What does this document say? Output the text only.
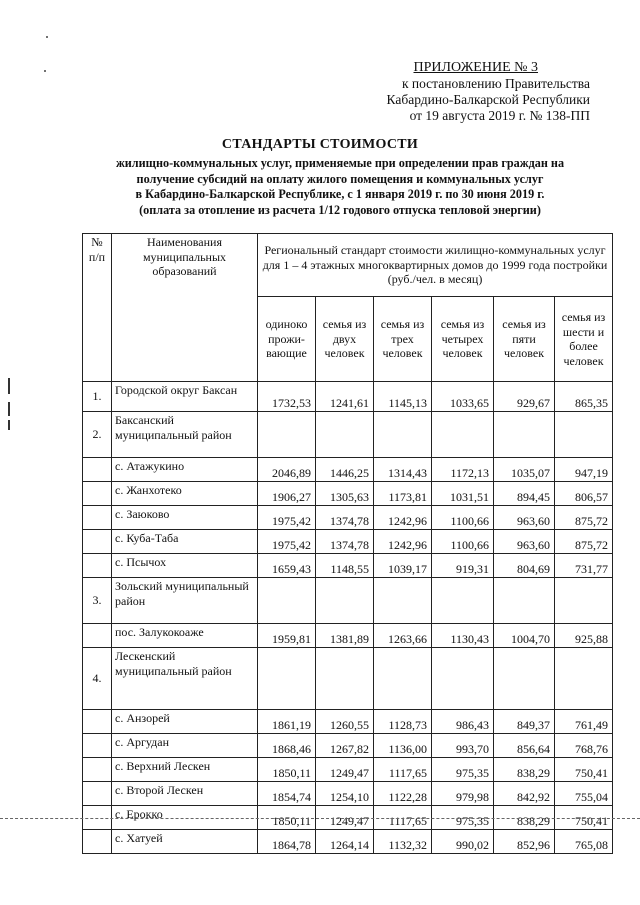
ПРИЛОЖЕНИЕ № 3
к постановлению Правительства
Кабардино-Балкарской Республики
от 19 августа 2019 г. № 138-ПП
СТАНДАРТЫ СТОИМОСТИ
жилищно-коммунальных услуг, применяемые при определении прав граждан на
получение субсидий на оплату жилого помещения и коммунальных услуг
в Кабардино-Балкарской Республике, с 1 января 2019 г. по 30 июня 2019 г.
(оплата за отопление из расчета 1/12 годового отпуска тепловой энергии)
№ п/п	Наименования муниципальных образований	Региональный стандарт стоимости жилищно-коммунальных услуг для 1 – 4 этажных многоквартирных домов до 1999 года постройки (руб./чел. в месяц)					
		одиноко прожи-вающие	семья из двух человек	семья из трех человек	семья из четырех человек	семья из пяти человек	семья из шести и более человек
1.	Городской округ Баксан	1732,53	1241,61	1145,13	1033,65	929,67	865,35
2.	Баксанский муниципальный район						
	с. Атажукино	2046,89	1446,25	1314,43	1172,13	1035,07	947,19
	с. Жанхотеко	1906,27	1305,63	1173,81	1031,51	894,45	806,57
	с. Заюково	1975,42	1374,78	1242,96	1100,66	963,60	875,72
	с. Куба-Таба	1975,42	1374,78	1242,96	1100,66	963,60	875,72
	с. Псычох	1659,43	1148,55	1039,17	919,31	804,69	731,77
3.	Зольский муниципальный район						
	пос. Залукокоаже	1959,81	1381,89	1263,66	1130,43	1004,70	925,88
4.	Лескенский муниципальный район						
	с. Анзорей	1861,19	1260,55	1128,73	986,43	849,37	761,49
	с. Аргудан	1868,46	1267,82	1136,00	993,70	856,64	768,76
	с. Верхний Лескен	1850,11	1249,47	1117,65	975,35	838,29	750,41
	с. Второй Лескен	1854,74	1254,10	1122,28	979,98	842,92	755,04
	с. Ерокко	1850,11	1249,47	1117,65	975,35	838,29	750,41
	с. Хатуей	1864,78	1264,14	1132,32	990,02	852,96	765,08
